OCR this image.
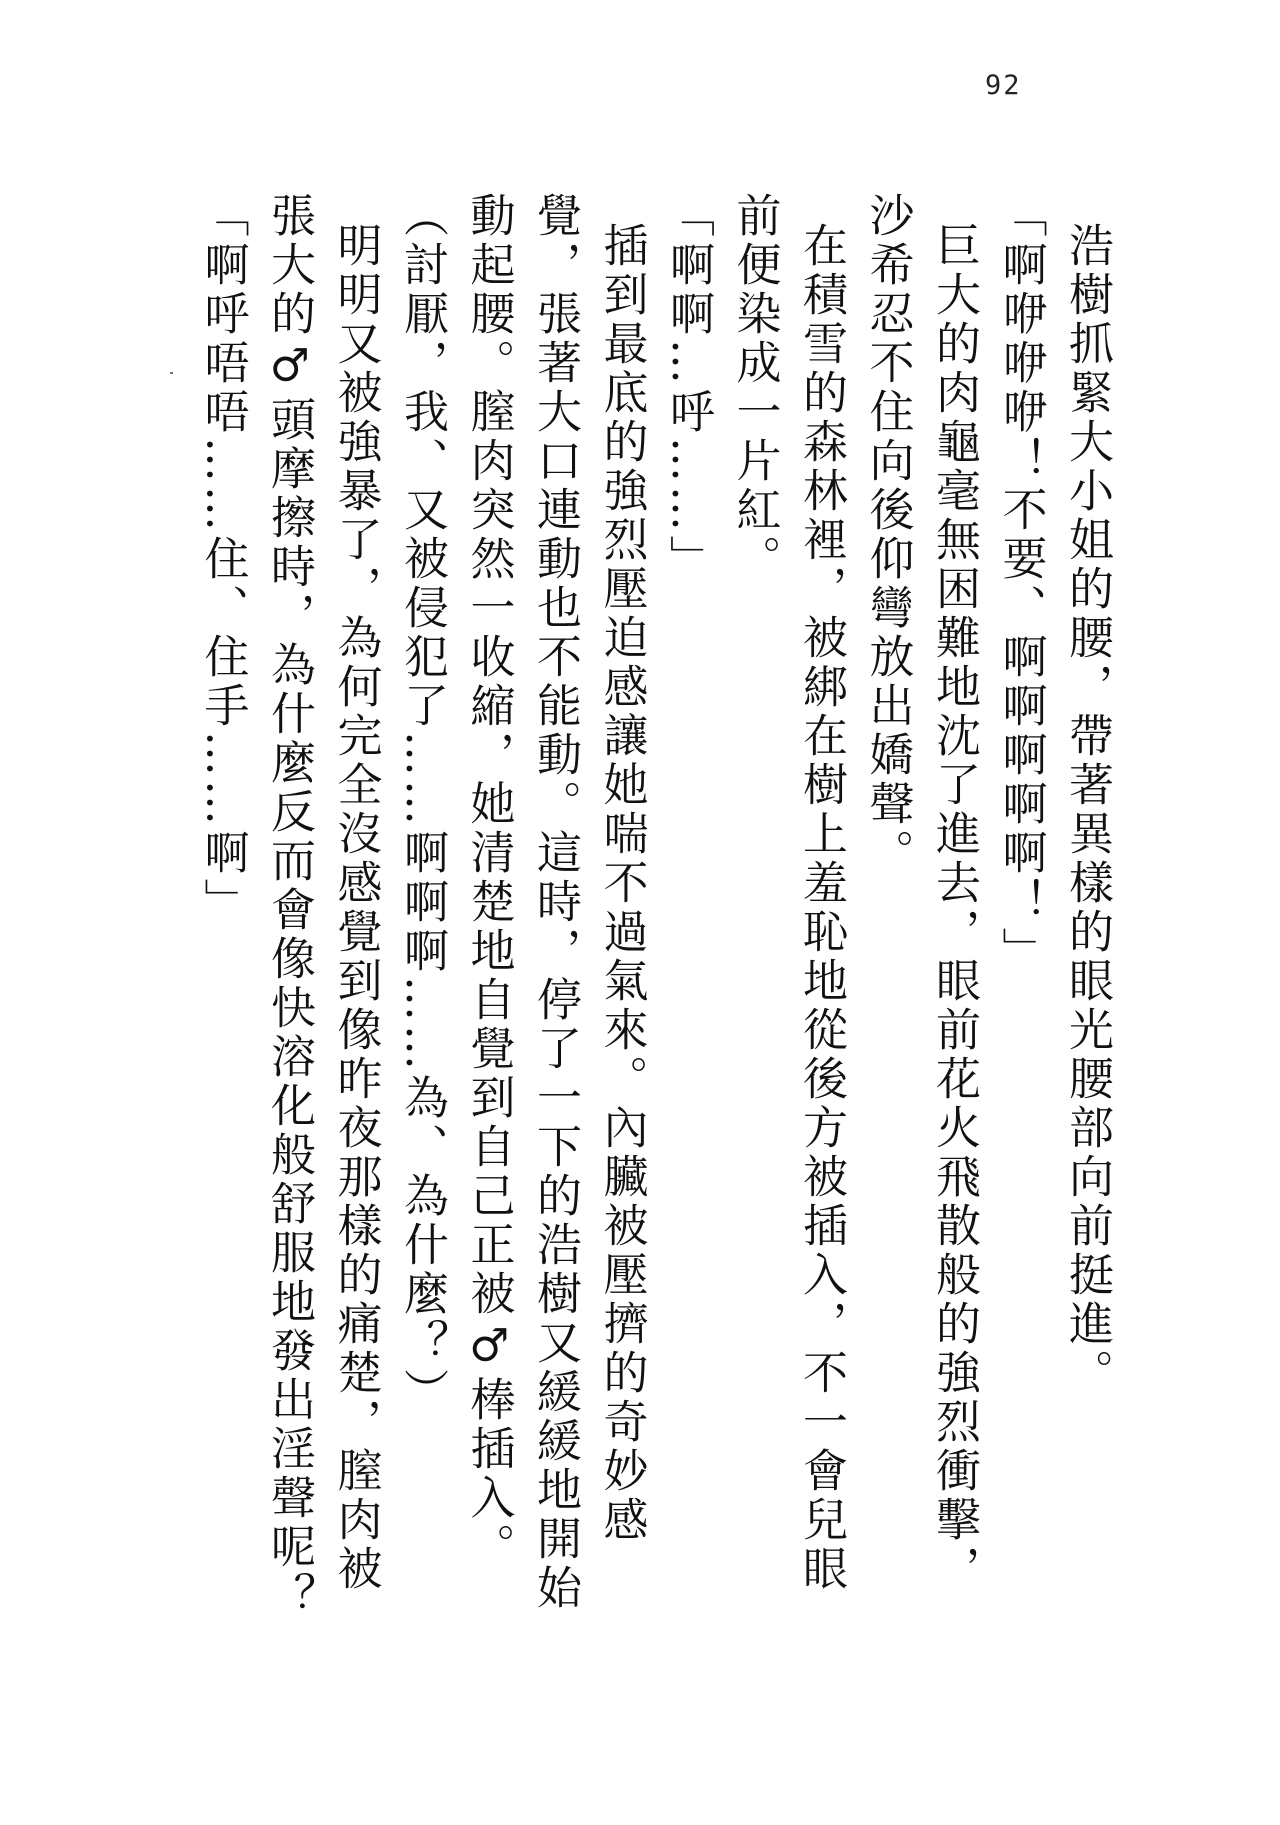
92

浩樹抓緊大小姐的腰，帶著異樣的眼光腰部向前挺進。

「啊咿咿咿！不要、啊啊啊啊啊！」

巨大的肉龜毫無困難地沈了進去，眼前花火飛散般的強烈衝擊，

沙希忍不住向後仰彎放出嬌聲。

在積雪的森林裡，被綁在樹上羞恥地從後方被插入，不一會兒眼

前便染成一片紅。

「啊啊…呼……」

插到最底的強烈壓迫感讓她喘不過氣來。內臟被壓擠的奇妙感

覺，張著大口連動也不能動。這時，停了一下的浩樹又緩緩地開始

動起腰。膣肉突然一收縮，她清楚地自覺到自己正被♂棒插入。

（討厭，我、又被侵犯了……啊啊啊……為、為什麼？）

明明又被強暴了，為何完全沒感覺到像昨夜那樣的痛楚，膣肉被

張大的♂頭摩擦時，為什麼反而會像快溶化般舒服地發出淫聲呢？

「啊呼唔唔……住、住手……啊」
